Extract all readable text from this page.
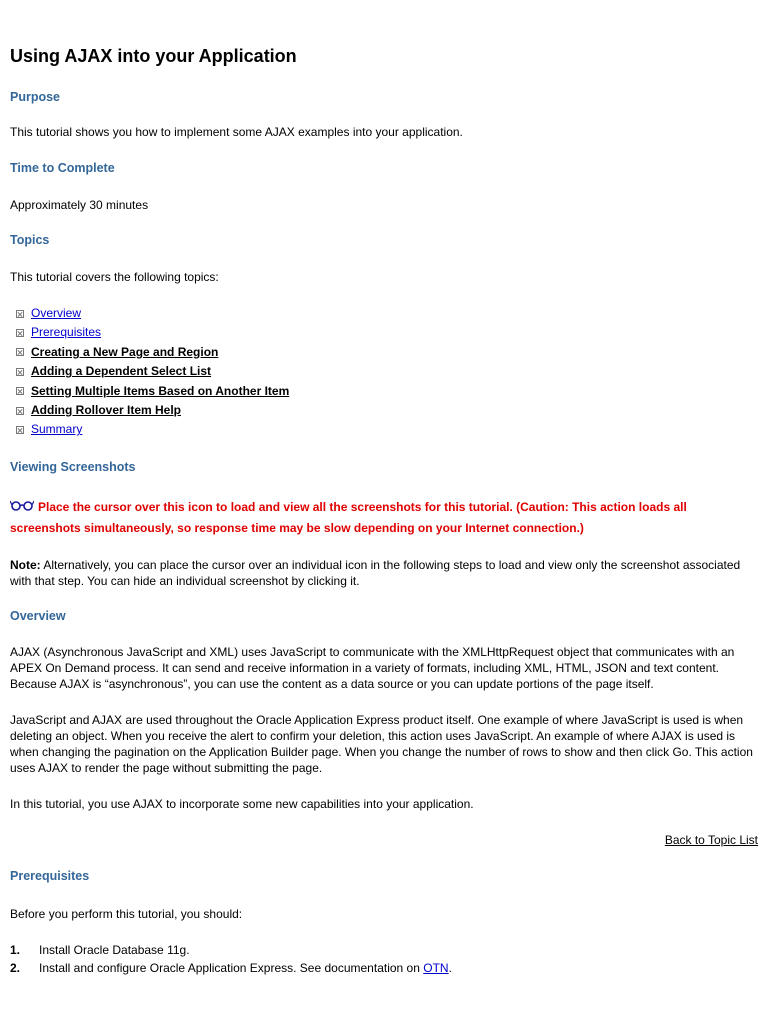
Using AJAX into your Application
Purpose

This tutorial shows you how to implement some AJAX examples into your application.

Time to Complete

Approximately 30 minutes

Topics

This tutorial covers the following topics:

Overview
Prerequisites
Creating a New Page and Region
Adding a Dependent Select List
Setting Multiple Items Based on Another Item
Adding Rollover Item Help
Summary
Viewing Screenshots

Place the cursor over this icon to load and view all the screenshots for this tutorial. (Caution: This action loads all screenshots simultaneously, so response time may be slow depending on your Internet connection.)

Note: Alternatively, you can place the cursor over an individual icon in the following steps to load and view only the screenshot associated with that step. You can hide an individual screenshot by clicking it.

Overview

AJAX (Asynchronous JavaScript and XML) uses JavaScript to communicate with the XMLHttpRequest object that communicates with an APEX On Demand process. It can send and receive information in a variety of formats, including XML, HTML, JSON and text content. Because AJAX is “asynchronous”, you can use the content as a data source or you can update portions of the page itself.

JavaScript and AJAX are used throughout the Oracle Application Express product itself. One example of where JavaScript is used is when deleting an object. When you receive the alert to confirm your deletion, this action uses JavaScript. An example of where AJAX is used is when changing the pagination on the Application Builder page. When you change the number of rows to show and then click Go. This action uses AJAX to render the page without submitting the page.

In this tutorial, you use AJAX to incorporate some new capabilities into your application.

Back to Topic List

Prerequisites

Before you perform this tutorial, you should:

1.	Install Oracle Database 11g.
2.	Install and configure Oracle Application Express. See documentation on OTN.
